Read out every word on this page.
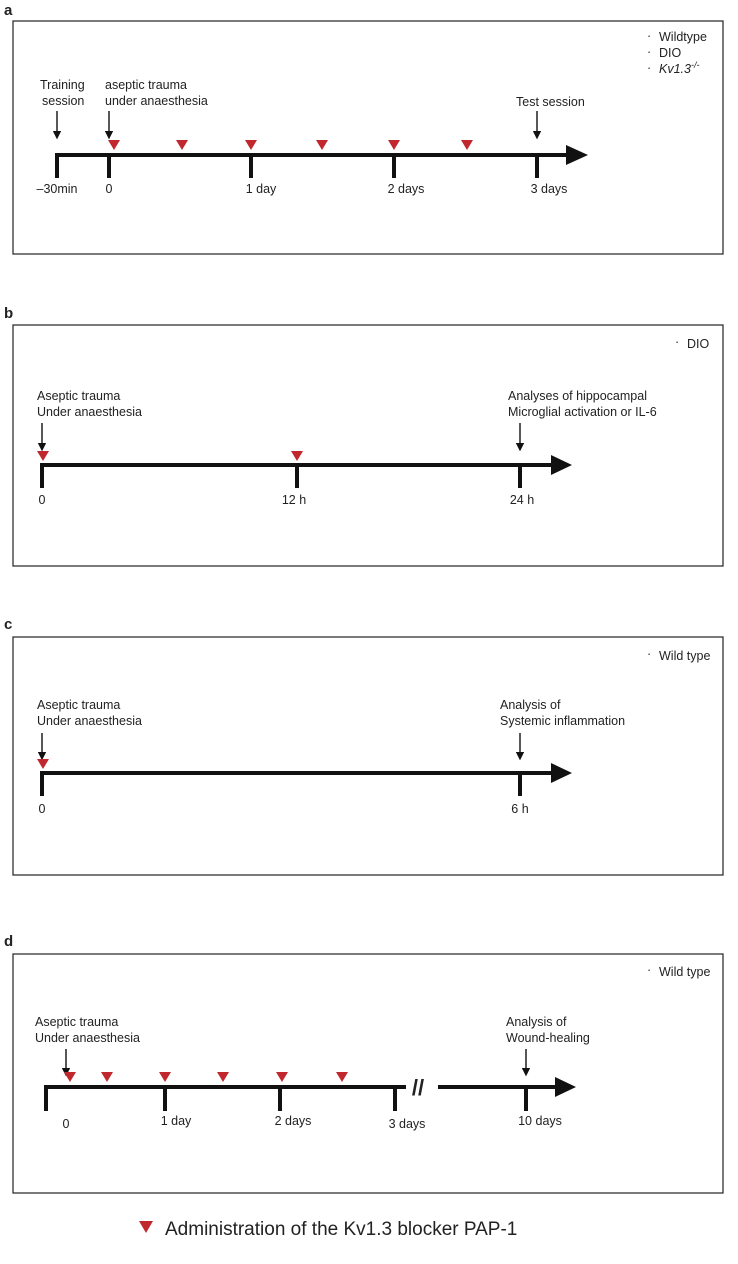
a
· Wildtype
· DIO
· Kv1.3-/-
Training
session
aseptic trauma
under anaesthesia	Test session
–30min 0	1 day	2 days	3 days
b
· DIO
Aseptic trauma
Under anaesthesia
Analyses of hippocampal
Microglial activation or IL-6
0	12 h	24 h
c
· Wild type
Aseptic trauma
Under anaesthesia
Analysis of
Systemic inflammation
0	6 h
d
· Wild type
Aseptic trauma
Under anaesthesia
Analysis of
Wound-healing
//
0	1 day	2 days	3 days	10 days
Administration of the Kv1.3 blocker PAP-1
